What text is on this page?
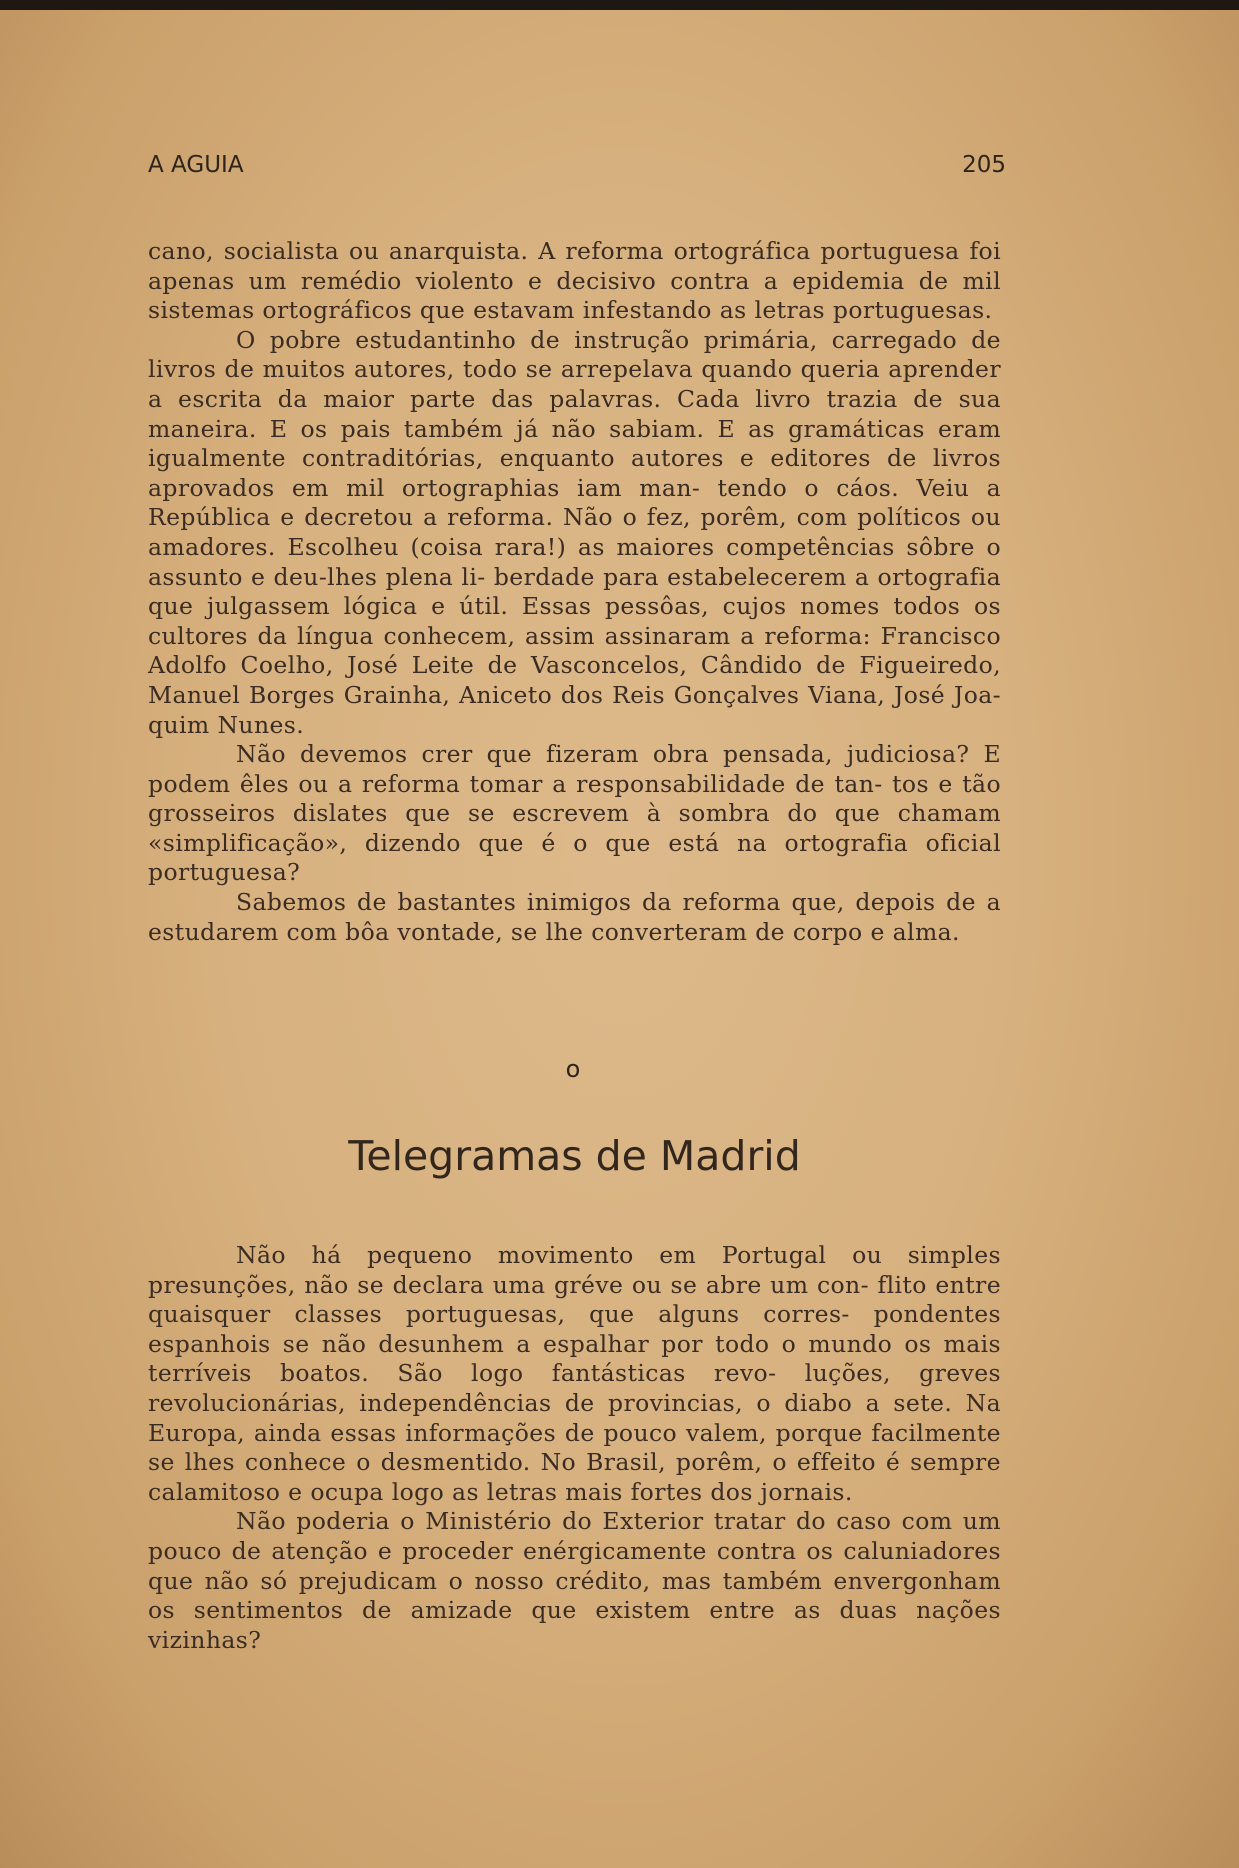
A AGUIA	205

cano, socialista ou anarquista. A reforma ortográfica portuguesa foi apenas um remédio violento e decisivo contra a epidemia de mil sistemas ortográficos que estavam infestando as letras portuguesas.

O pobre estudantinho de instrução primária, carregado de livros de muitos autores, todo se arrepelava quando queria aprender a escrita da maior parte das palavras. Cada livro trazia de sua maneira. E os pais também já não sabiam. E as gramáticas eram igualmente contraditórias, enquanto autores e editores de livros aprovados em mil ortographias iam man- tendo o cáos. Veiu a República e decretou a reforma. Não o fez, porêm, com políticos ou amadores. Escolheu (coisa rara!) as maiores competências sôbre o assunto e deu-lhes plena li- berdade para estabelecerem a ortografia que julgassem lógica e útil. Essas pessôas, cujos nomes todos os cultores da língua conhecem, assim assinaram a reforma: Francisco Adolfo Coelho, José Leite de Vasconcelos, Cândido de Figueiredo, Manuel Borges Grainha, Aniceto dos Reis Gonçalves Viana, José Joa- quim Nunes.

Não devemos crer que fizeram obra pensada, judiciosa? E podem êles ou a reforma tomar a responsabilidade de tan- tos e tão grosseiros dislates que se escrevem à sombra do que chamam «simplificação», dizendo que é o que está na ortografia oficial portuguesa?

Sabemos de bastantes inimigos da reforma que, depois de a estudarem com bôa vontade, se lhe converteram de corpo e alma.

o
Telegramas de Madrid

Não há pequeno movimento em Portugal ou simples presunções, não se declara uma gréve ou se abre um con- flito entre quaisquer classes portuguesas, que alguns corres- pondentes espanhois se não desunhem a espalhar por todo o mundo os mais terríveis boatos. São logo fantásticas revo- luções, greves revolucionárias, independências de provincias, o diabo a sete. Na Europa, ainda essas informações de pouco valem, porque facilmente se lhes conhece o desmentido. No Brasil, porêm, o effeito é sempre calamitoso e ocupa logo as letras mais fortes dos jornais.

Não poderia o Ministério do Exterior tratar do caso com um pouco de atenção e proceder enérgicamente contra os caluniadores que não só prejudicam o nosso crédito, mas também envergonham os sentimentos de amizade que existem entre as duas nações vizinhas?
